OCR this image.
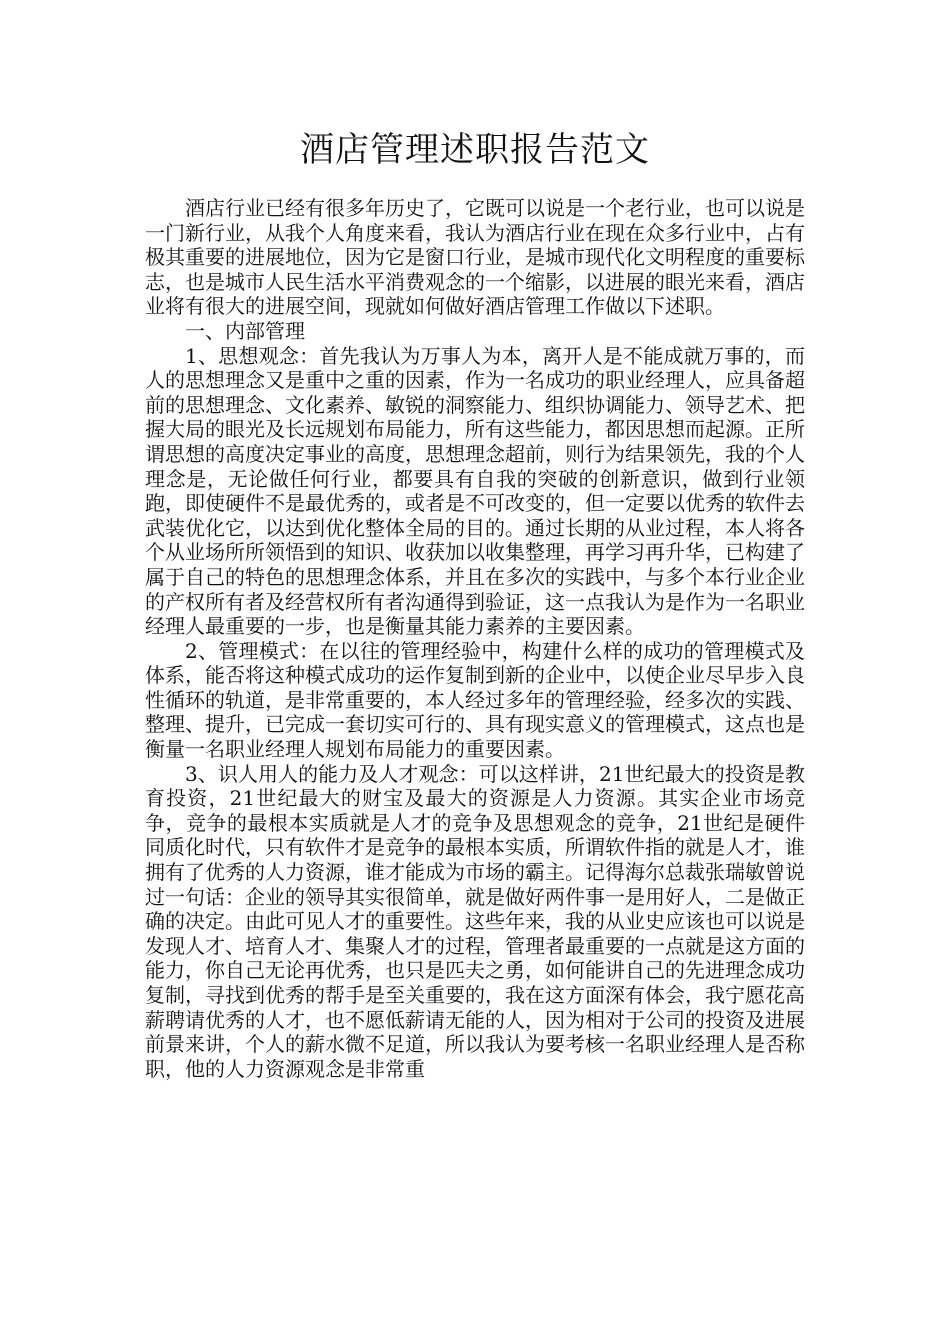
酒店管理述职报告范文

酒店行业已经有很多年历史了，它既可以说是一个老行业，也可以说是一门新行业，从我个人角度来看，我认为酒店行业在现在众多行业中，占有极其重要的进展地位，因为它是窗口行业，是城市现代化文明程度的重要标志，也是城市人民生活水平消费观念的一个缩影，以进展的眼光来看，酒店业将有很大的进展空间，现就如何做好酒店管理工作做以下述职。

一、内部管理

1、思想观念：首先我认为万事人为本，离开人是不能成就万事的，而人的思想理念又是重中之重的因素，作为一名成功的职业经理人，应具备超前的思想理念、文化素养、敏锐的洞察能力、组织协调能力、领导艺术、把握大局的眼光及长远规划布局能力，所有这些能力，都因思想而起源。正所谓思想的高度决定事业的高度，思想理念超前，则行为结果领先，我的个人理念是，无论做任何行业，都要具有自我的突破的创新意识，做到行业领跑，即使硬件不是最优秀的，或者是不可改变的，但一定要以优秀的软件去武装优化它，以达到优化整体全局的目的。通过长期的从业过程，本人将各个从业场所所领悟到的知识、收获加以收集整理，再学习再升华，已构建了属于自己的特色的思想理念体系，并且在多次的实践中，与多个本行业企业的产权所有者及经营权所有者沟通得到验证，这一点我认为是作为一名职业经理人最重要的一步，也是衡量其能力素养的主要因素。

2、管理模式：在以往的管理经验中，构建什么样的成功的管理模式及体系，能否将这种模式成功的运作复制到新的企业中，以使企业尽早步入良性循环的轨道，是非常重要的，本人经过多年的管理经验，经多次的实践、整理、提升，已完成一套切实可行的、具有现实意义的管理模式，这点也是衡量一名职业经理人规划布局能力的重要因素。

3、识人用人的能力及人才观念：可以这样讲，21世纪最大的投资是教育投资，21世纪最大的财宝及最大的资源是人力资源。其实企业市场竞争，竞争的最根本实质就是人才的竞争及思想观念的竞争，21世纪是硬件同质化时代，只有软件才是竞争的最根本实质，所谓软件指的就是人才，谁拥有了优秀的人力资源，谁才能成为市场的霸主。记得海尔总裁张瑞敏曾说过一句话：企业的领导其实很简单，就是做好两件事一是用好人，二是做正确的决定。由此可见人才的重要性。这些年来，我的从业史应该也可以说是发现人才、培育人才、集聚人才的过程，管理者最重要的一点就是这方面的能力，你自己无论再优秀，也只是匹夫之勇，如何能讲自己的先进理念成功复制，寻找到优秀的帮手是至关重要的，我在这方面深有体会，我宁愿花高薪聘请优秀的人才，也不愿低薪请无能的人，因为相对于公司的投资及进展前景来讲，个人的薪水微不足道，所以我认为要考核一名职业经理人是否称职，他的人力资源观念是非常重
